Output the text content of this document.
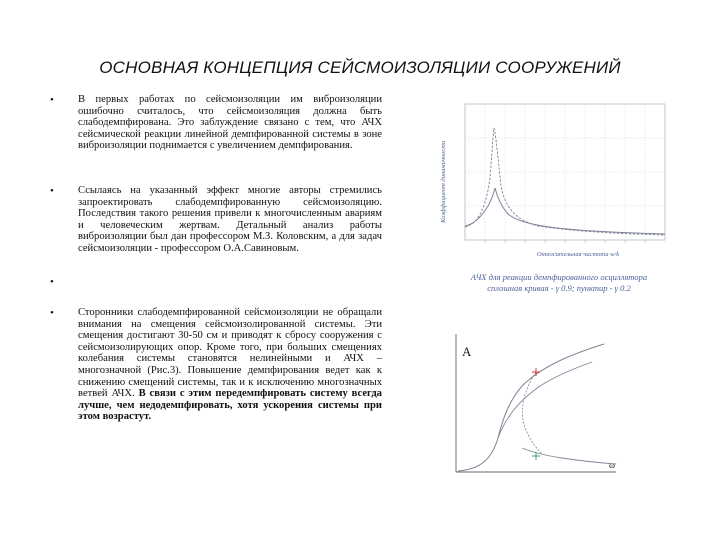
ОСНОВНАЯ КОНЦЕПЦИЯ СЕЙСМОИЗОЛЯЦИИ СООРУЖЕНИЙ
• В первых работах по сейсмоизоляции им виброизоляции ошибочно считалось, что сейсмоизоляция должна быть слабодемпфирована. Это заблуждение связано с тем, что АЧХ сейсмической реакции линейной демпфированной системы в зоне виброизоляции поднимается с увеличением демпфирования.
• Ссылаясь на указанный эффект многие авторы стремились запроектировать слабодемпфированную сейсмоизоляцию. Последствия такого решения привели к многочисленным авариям и человеческим жертвам. Детальный анализ работы виброизоляции был дан профессором М.З. Коловским, а для задач сейсмоизоляции - профессором О.А.Савиновым.
•
• Сторонники слабодемпфированной сейсмоизоляции не обращали внимания на смещения сейсмоизолированной системы. Эти смещения достигают 30-50 см и приводят к сбросу сооружения с сейсмоизолирующих опор. Кроме того, при больших смещениях колебания системы становятся нелинейными и АЧХ – многозначной (Рис.3). Повышение демпфирования ведет как к снижению смещений системы, так и к исключению многозначных ветвей АЧХ. В связи с этим передемпфировать систему всегда лучше, чем недодемпфировать, хотя ускорения системы при этом возрастут.
Коэффициент динамичности
Относительная частота w/k
АЧХ для реакции демпфированного осциллятора
сплошная кривая - γ 0.9; пунктир - γ 0.2
A
ω
